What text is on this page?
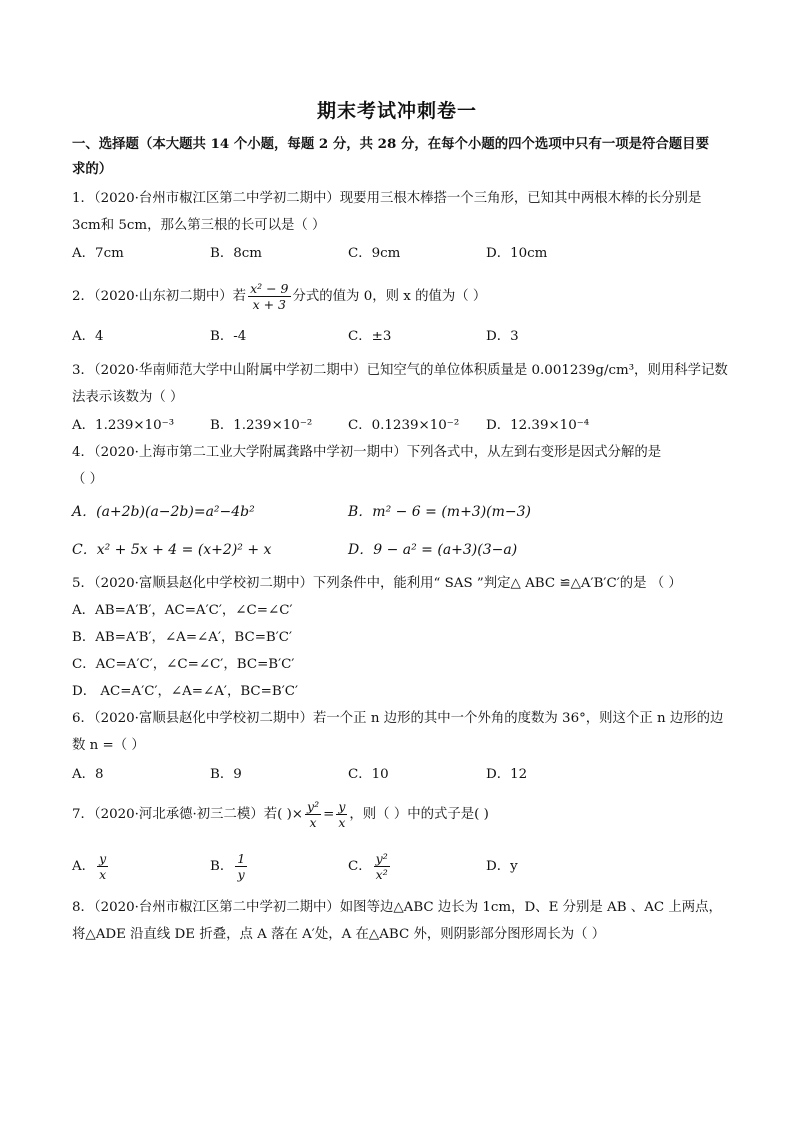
期末考试冲刺卷一
一、选择题（本大题共 14 个小题，每题 2 分，共 28 分，在每个小题的四个选项中只有一项是符合题目要
求的）
1．（2020·台州市椒江区第二中学初二期中）现要用三根木棒搭一个三角形，已知其中两根木棒的长分别是
3cm和 5cm，那么第三根的长可以是（ ）
A．7cm	B．8cm	C．9cm	D．10cm
2．（2020·山东初二期中）若 $\frac{\text{x² − 9}}{x + 3}$ 分式的值为 0，则 x 的值为（ ）
A．4	B．-4	C．±3	D．3
3．（2020·华南师范大学中山附属中学初二期中）已知空气的单位体积质量是 0.001239g/cm³，则用科学记数
法表示该数为（ ）
A．1.239×10⁻³	B．1.239×10⁻²	C．0.1239×10⁻² D．12.39×10⁻⁴
4．（2020·上海市第二工业大学附属龚路中学初一期中）下列各式中，从左到右变形是因式分解的是
（ ）
A．(a+2b)(a−2b)=a²−4b²	B．m² − 6 = (m+3)(m−3)
C．x² + 5x + 4 = (x+2)² + x	D．9 − a² = (a+3)(3−a)
5．（2020·富顺县赵化中学校初二期中）下列条件中，能利用“ SAS ”判定△ ABC ≌△A′B′C′的是 （ ）
A．AB=A′B′，AC=A′C′，∠C=∠C′
B．AB=A′B′，∠A=∠A′，BC=B′C′
C．AC=A′C′，∠C=∠C′，BC=B′C′
D． AC=A′C′，∠A=∠A′，BC=B′C′
6．（2020·富顺县赵化中学校初二期中）若一个正 n 边形的其中一个外角的度数为 36°，则这个正 n 边形的边
数 n =（ ）
A．8	B．9	C．10	D．12
7．（2020·河北承德·初三二模）若( )× $\frac{\text{y²}}{x} = \frac{y}{x}$ ，则（ ）中的式子是( )
A． $\frac{y}{x}$	B． $\frac{1}{y}$	C． $\frac{\text{y²}}{\text{x²}}$	D．y
8．（2020·台州市椒江区第二中学初二期中）如图等边△ABC 边长为 1cm，D、E 分别是 AB 、AC 上两点，
将△ADE 沿直线 DE 折叠，点 A 落在 A′处，A 在△ABC 外，则阴影部分图形周长为（ ）
